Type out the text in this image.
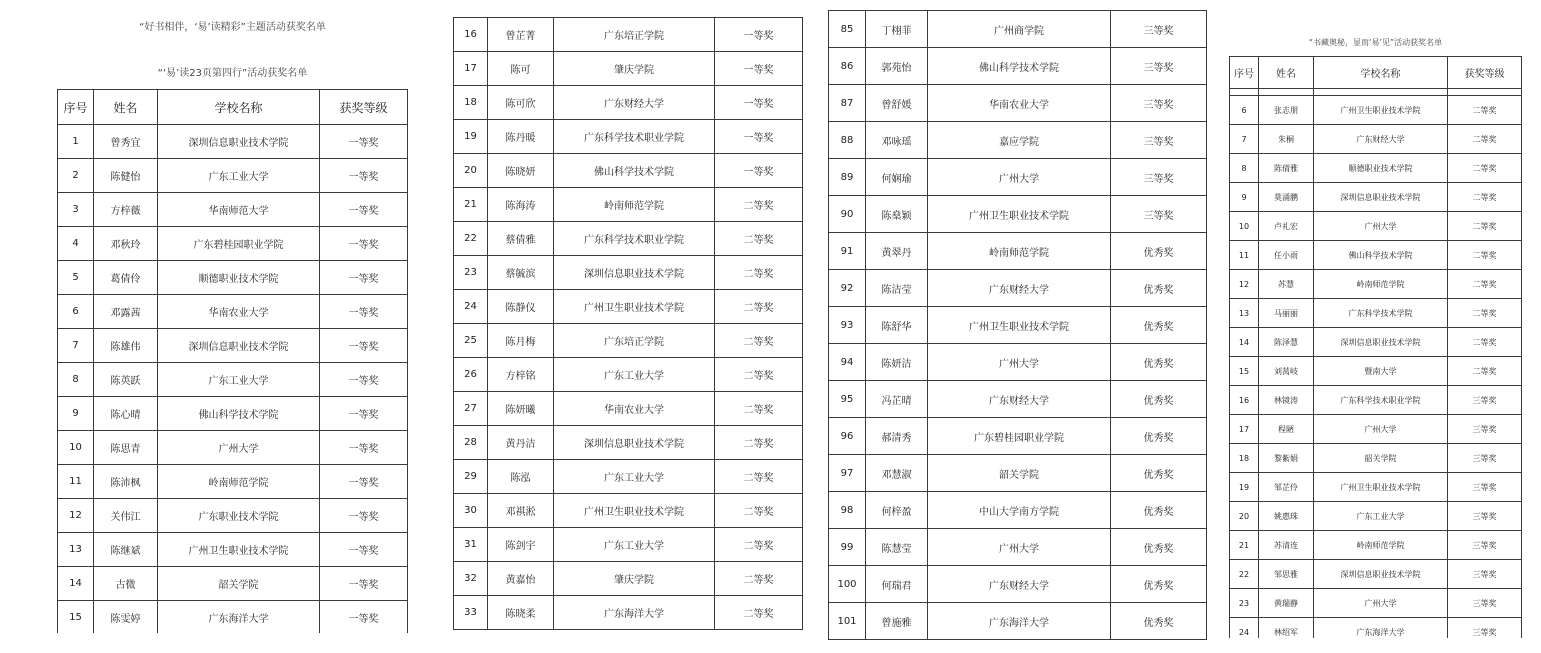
“好书相伴，‘易’读精彩”主题活动获奖名单
“‘易’读23页第四行”活动获奖名单
序号	姓名	学校名称	获奖等级
1	曾秀宜	深圳信息职业技术学院	一等奖
2	陈健怡	广东工业大学	一等奖
3	方梓薇	华南师范大学	一等奖
4	邓秋玲	广东碧桂园职业学院	一等奖
5	葛倩伶	顺德职业技术学院	一等奖
6	邓露茜	华南农业大学	一等奖
7	陈雄伟	深圳信息职业技术学院	一等奖
8	陈英跃	广东工业大学	一等奖
9	陈心晴	佛山科学技术学院	一等奖
10	陈思青	广州大学	一等奖
11	陈沛枫	岭南师范学院	一等奖
12	关伟江	广东职业技术学院	一等奖
13	陈继斌	广州卫生职业技术学院	一等奖
14	古微	韶关学院	一等奖
15	陈雯婷	广东海洋大学	一等奖
16	曾芷菁	广东培正学院	一等奖
17	陈可	肇庆学院	一等奖
18	陈可欣	广东财经大学	一等奖
19	陈丹暖	广东科学技术职业学院	一等奖
20	陈晓妍	佛山科学技术学院	一等奖
21	陈海涛	岭南师范学院	二等奖
22	蔡倩雅	广东科学技术职业学院	二等奖
23	蔡毓滨	深圳信息职业技术学院	二等奖
24	陈静仪	广州卫生职业技术学院	二等奖
25	陈月梅	广东培正学院	二等奖
26	方梓铭	广东工业大学	二等奖
27	陈妍曦	华南农业大学	二等奖
28	黄丹洁	深圳信息职业技术学院	二等奖
29	陈泓	广东工业大学	二等奖
30	邓祺淞	广州卫生职业技术学院	二等奖
31	陈剑宇	广东工业大学	二等奖
32	黄嘉怡	肇庆学院	二等奖
33	陈晓柔	广东海洋大学	二等奖
85	丁栩菲	广州商学院	三等奖
86	郭苑怡	佛山科学技术学院	三等奖
87	曾舒媛	华南农业大学	三等奖
88	邓咏瑶	嘉应学院	三等奖
89	何娴瑜	广州大学	三等奖
90	陈燊颖	广州卫生职业技术学院	三等奖
91	黄翠丹	岭南师范学院	优秀奖
92	陈洁莹	广东财经大学	优秀奖
93	陈舒华	广州卫生职业技术学院	优秀奖
94	陈妍洁	广州大学	优秀奖
95	冯芷晴	广东财经大学	优秀奖
96	郝清秀	广东碧桂园职业学院	优秀奖
97	邓慧淑	韶关学院	优秀奖
98	何梓盈	中山大学南方学院	优秀奖
99	陈慧莹	广州大学	优秀奖
100	何瑞君	广东财经大学	优秀奖
101	曾施雅	广东海洋大学	优秀奖
“书藏奥秘，显而‘易’见”活动获奖名单
序号	姓名	学校名称	获奖等级

6	张志朋	广州卫生职业技术学院	二等奖
7	朱桐	广东财经大学	二等奖
8	陈倩雅	顺德职业技术学院	二等奖
9	莫涌鹏	深圳信息职业技术学院	二等奖
10	卢礼宏	广州大学	二等奖
11	任小雨	佛山科学技术学院	二等奖
12	苏慧	岭南师范学院	二等奖
13	马丽丽	广东科学技术学院	二等奖
14	陈泽慧	深圳信息职业技术学院	二等奖
15	刘莴岐	暨南大学	二等奖
16	林镜涛	广东科学技术职业学院	三等奖
17	程陋	广州大学	三等奖
18	黎紫娟	韶关学院	三等奖
19	邹芷伶	广州卫生职业技术学院	三等奖
20	姚惠珠	广东工业大学	三等奖
21	苏清连	岭南师范学院	三等奖
22	邹思雅	深圳信息职业技术学院	三等奖
23	黄瑞静	广州大学	三等奖
24	林绍军	广东海洋大学	三等奖
